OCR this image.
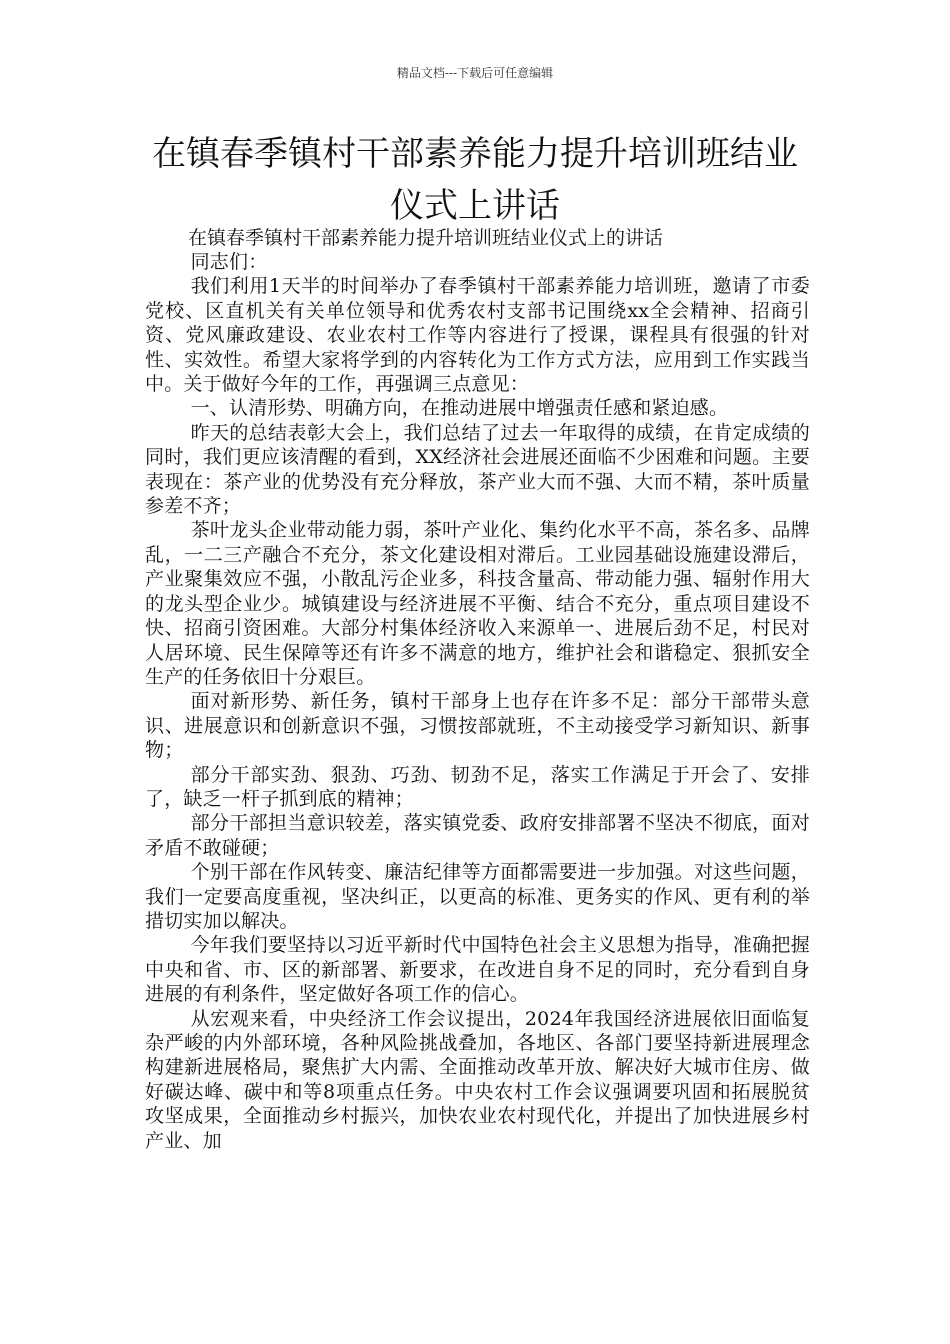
精品文档---下载后可任意编辑
在镇春季镇村干部素养能力提升培训班结业仪式上讲话
在镇春季镇村干部素养能力提升培训班结业仪式上的讲话

同志们：

我们利用1天半的时间举办了春季镇村干部素养能力培训班，邀请了市委党校、区直机关有关单位领导和优秀农村支部书记围绕xx全会精神、招商引资、党风廉政建设、农业农村工作等内容进行了授课，课程具有很强的针对性、实效性。希望大家将学到的内容转化为工作方式方法，应用到工作实践当中。关于做好今年的工作，再强调三点意见：

一、认清形势、明确方向，在推动进展中增强责任感和紧迫感。

昨天的总结表彰大会上，我们总结了过去一年取得的成绩，在肯定成绩的同时，我们更应该清醒的看到，XX经济社会进展还面临不少困难和问题。主要表现在：茶产业的优势没有充分释放，茶产业大而不强、大而不精，茶叶质量参差不齐；

茶叶龙头企业带动能力弱，茶叶产业化、集约化水平不高，茶名多、品牌乱，一二三产融合不充分，茶文化建设相对滞后。工业园基础设施建设滞后，产业聚集效应不强，小散乱污企业多，科技含量高、带动能力强、辐射作用大的龙头型企业少。城镇建设与经济进展不平衡、结合不充分，重点项目建设不快、招商引资困难。大部分村集体经济收入来源单一、进展后劲不足，村民对人居环境、民生保障等还有许多不满意的地方，维护社会和谐稳定、狠抓安全生产的任务依旧十分艰巨。

面对新形势、新任务，镇村干部身上也存在许多不足：部分干部带头意识、进展意识和创新意识不强，习惯按部就班，不主动接受学习新知识、新事物；

部分干部实劲、狠劲、巧劲、韧劲不足，落实工作满足于开会了、安排了，缺乏一杆子抓到底的精神；

部分干部担当意识较差，落实镇党委、政府安排部署不坚决不彻底，面对矛盾不敢碰硬；

个别干部在作风转变、廉洁纪律等方面都需要进一步加强。对这些问题，我们一定要高度重视，坚决纠正，以更高的标准、更务实的作风、更有利的举措切实加以解决。

今年我们要坚持以习近平新时代中国特色社会主义思想为指导，准确把握中央和省、市、区的新部署、新要求，在改进自身不足的同时，充分看到自身进展的有利条件，坚定做好各项工作的信心。

从宏观来看，中央经济工作会议提出，2024年我国经济进展依旧面临复杂严峻的内外部环境，各种风险挑战叠加，各地区、各部门要坚持新进展理念构建新进展格局，聚焦扩大内需、全面推动改革开放、解决好大城市住房、做好碳达峰、碳中和等8项重点任务。中央农村工作会议强调要巩固和拓展脱贫攻坚成果，全面推动乡村振兴，加快农业农村现代化，并提出了加快进展乡村产业、加
